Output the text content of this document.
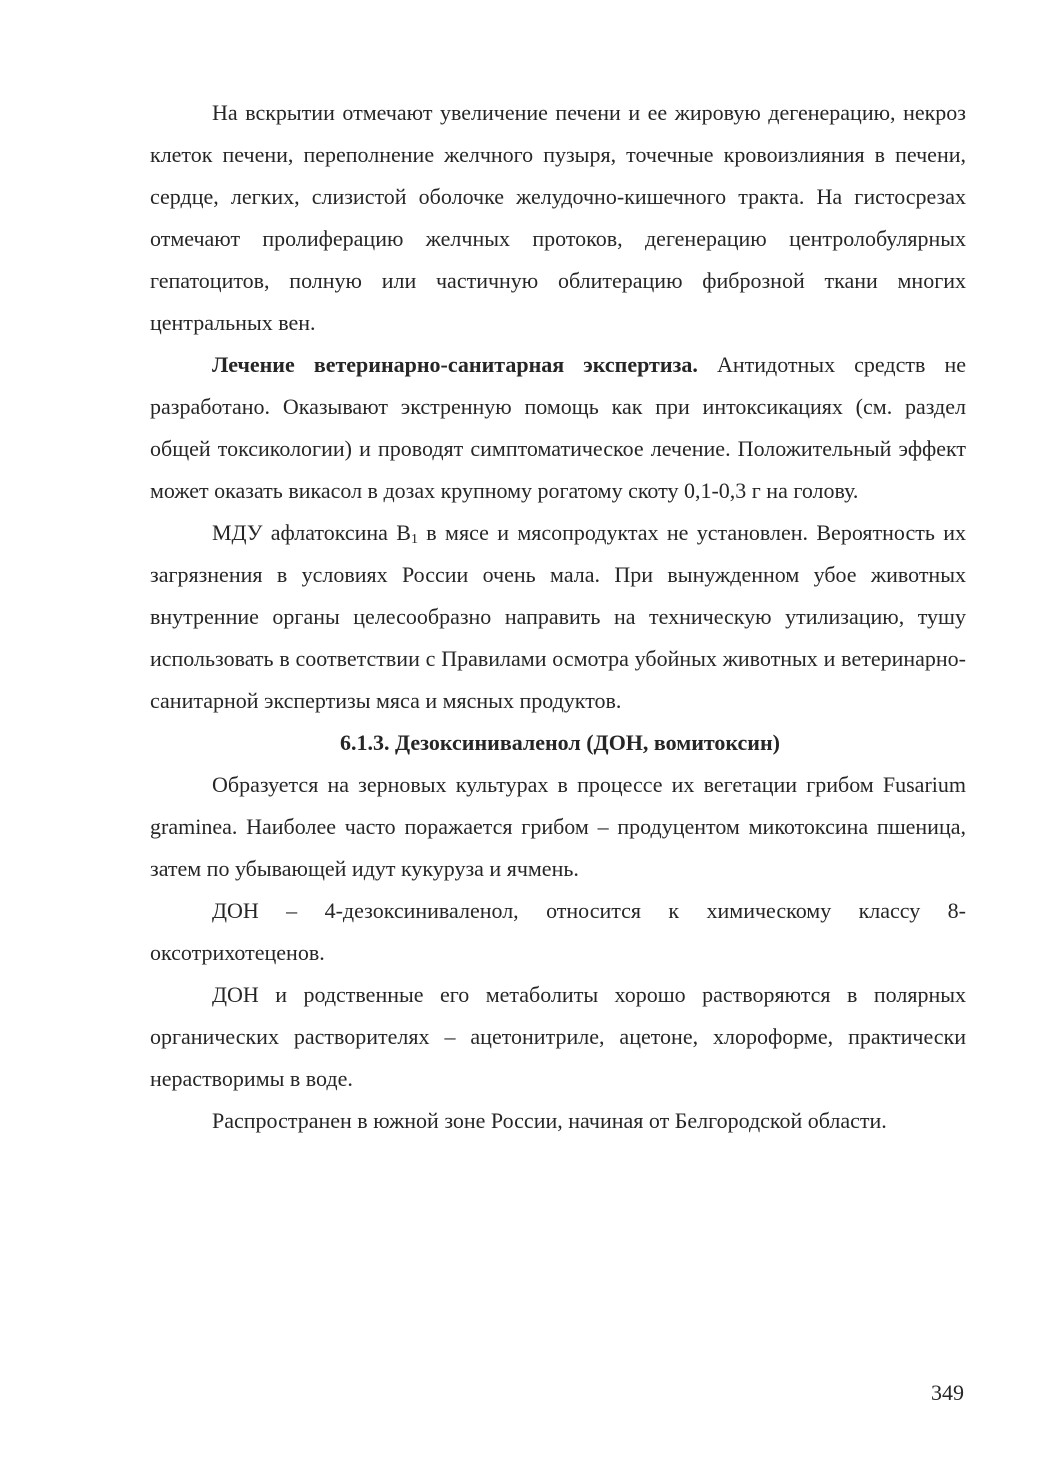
На вскрытии отмечают увеличение печени и ее жировую дегенерацию, некроз клеток печени, переполнение желчного пузыря, точечные кровоизлияния в печени, сердце, легких, слизистой оболочке желудочно-кишечного тракта. На гистосрезах отмечают пролиферацию желчных протоков, дегенерацию центролобулярных гепатоцитов, полную или частичную облитерацию фиброзной ткани многих центральных вен.

Лечение ветеринарно-санитарная экспертиза. Антидотных средств не разработано. Оказывают экстренную помощь как при интоксикациях (см. раздел общей токсикологии) и проводят симптоматическое лечение. Положительный эффект может оказать викасол в дозах крупному рогатому скоту 0,1-0,3 г на голову.

МДУ афлатоксина $В_1$ в мясе и мясопродуктах не установлен. Вероятность их загрязнения в условиях России очень мала. При вынужденном убое животных внутренние органы целесообразно направить на техническую утилизацию, тушу использовать в соответствии с Правилами осмотра убойных животных и ветеринарно-санитарной экспертизы мяса и мясных продуктов.

6.1.3. Дезоксиниваленол (ДОН, вомитоксин)

Образуется на зерновых культурах в процессе их вегетации грибом Fusarium graminea. Наиболее часто поражается грибом – продуцентом микотоксина пшеница, затем по убывающей идут кукуруза и ячмень.

ДОН – 4-дезоксиниваленол, относится к химическому классу 8-оксотрихотеценов.

ДОН и родственные его метаболиты хорошо растворяются в полярных органических растворителях – ацетонитриле, ацетоне, хлороформе, практически нерастворимы в воде.

Распространен в южной зоне России, начиная от Белгородской области.

349
